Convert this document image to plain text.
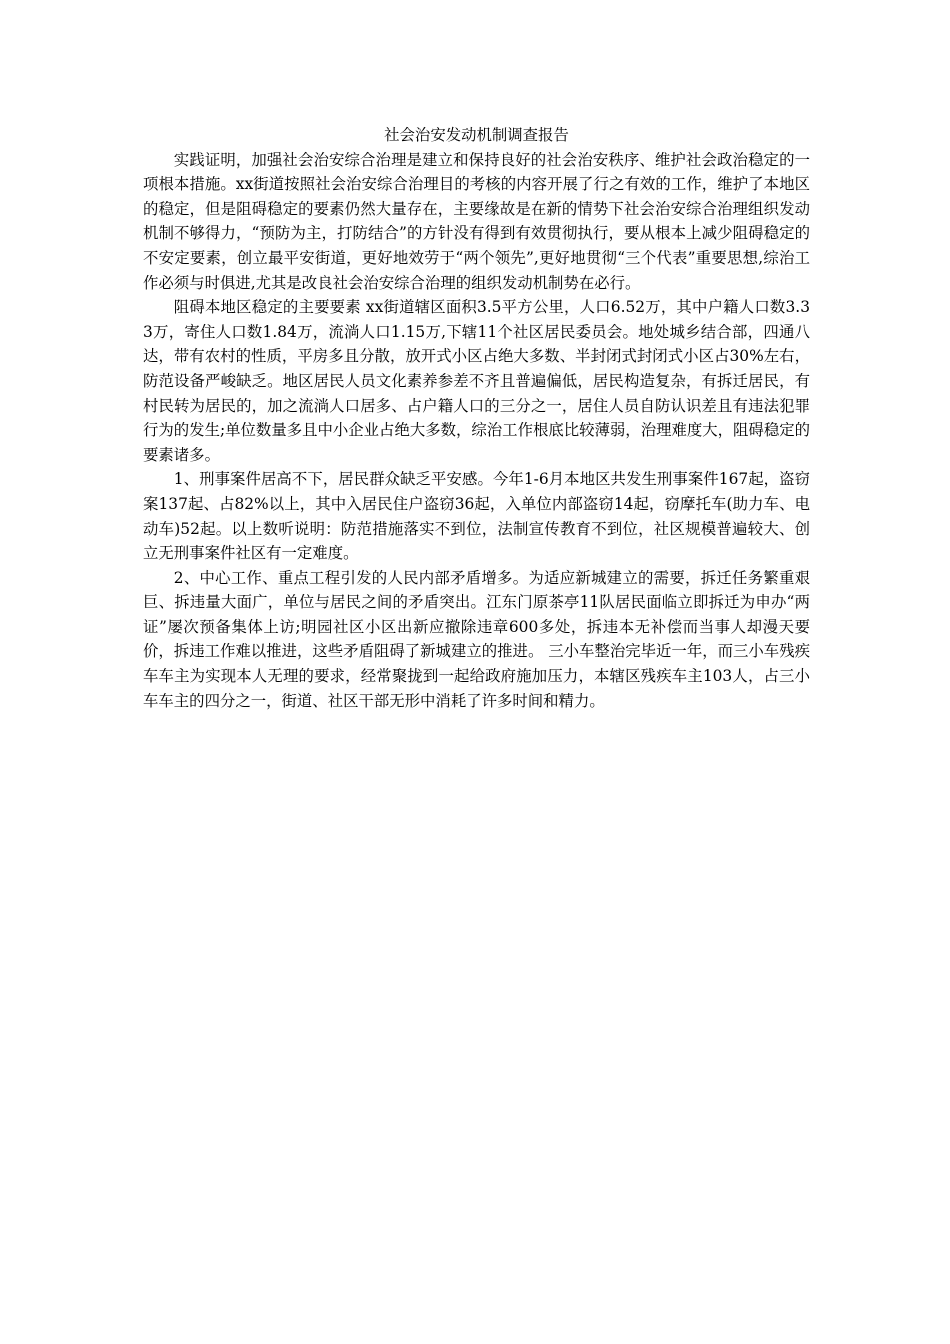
社会治安发动机制调查报告

实践证明，加强社会治安综合治理是建立和保持良好的社会治安秩序、维护社会政治稳定的一项根本措施。xx街道按照社会治安综合治理目的考核的内容开展了行之有效的工作，维护了本地区的稳定，但是阻碍稳定的要素仍然大量存在，主要缘故是在新的情势下社会治安综合治理组织发动机制不够得力，“预防为主，打防结合”的方针没有得到有效贯彻执行，要从根本上减少阻碍稳定的不安定要素，创立最平安街道，更好地效劳于“两个领先”,更好地贯彻“三个代表”重要思想,综治工作必须与时俱进,尤其是改良社会治安综合治理的组织发动机制势在必行。

阻碍本地区稳定的主要要素 xx街道辖区面积3.5平方公里，人口6.52万，其中户籍人口数3.33万，寄住人口数1.84万，流淌人口1.15万,下辖11个社区居民委员会。地处城乡结合部，四通八达，带有农村的性质，平房多且分散，放开式小区占绝大多数、半封闭式封闭式小区占30%左右，防范设备严峻缺乏。地区居民人员文化素养参差不齐且普遍偏低，居民构造复杂，有拆迁居民，有村民转为居民的，加之流淌人口居多、占户籍人口的三分之一，居住人员自防认识差且有违法犯罪行为的发生;单位数量多且中小企业占绝大多数，综治工作根底比较薄弱，治理难度大，阻碍稳定的要素诸多。

1、刑事案件居高不下，居民群众缺乏平安感。今年1-6月本地区共发生刑事案件167起，盗窃案137起、占82%以上，其中入居民住户盗窃36起，入单位内部盗窃14起，窃摩托车(助力车、电动车)52起。以上数听说明：防范措施落实不到位，法制宣传教育不到位，社区规模普遍较大、创立无刑事案件社区有一定难度。

2、中心工作、重点工程引发的人民内部矛盾增多。为适应新城建立的需要，拆迁任务繁重艰巨、拆违量大面广，单位与居民之间的矛盾突出。江东门原茶亭11队居民面临立即拆迁为申办“两证”屡次预备集体上访;明园社区小区出新应撤除违章600多处，拆违本无补偿而当事人却漫天要价，拆违工作难以推进，这些矛盾阻碍了新城建立的推进。 三小车整治完毕近一年，而三小车残疾车车主为实现本人无理的要求，经常聚拢到一起给政府施加压力，本辖区残疾车主103人，占三小车车主的四分之一，街道、社区干部无形中消耗了许多时间和精力。
